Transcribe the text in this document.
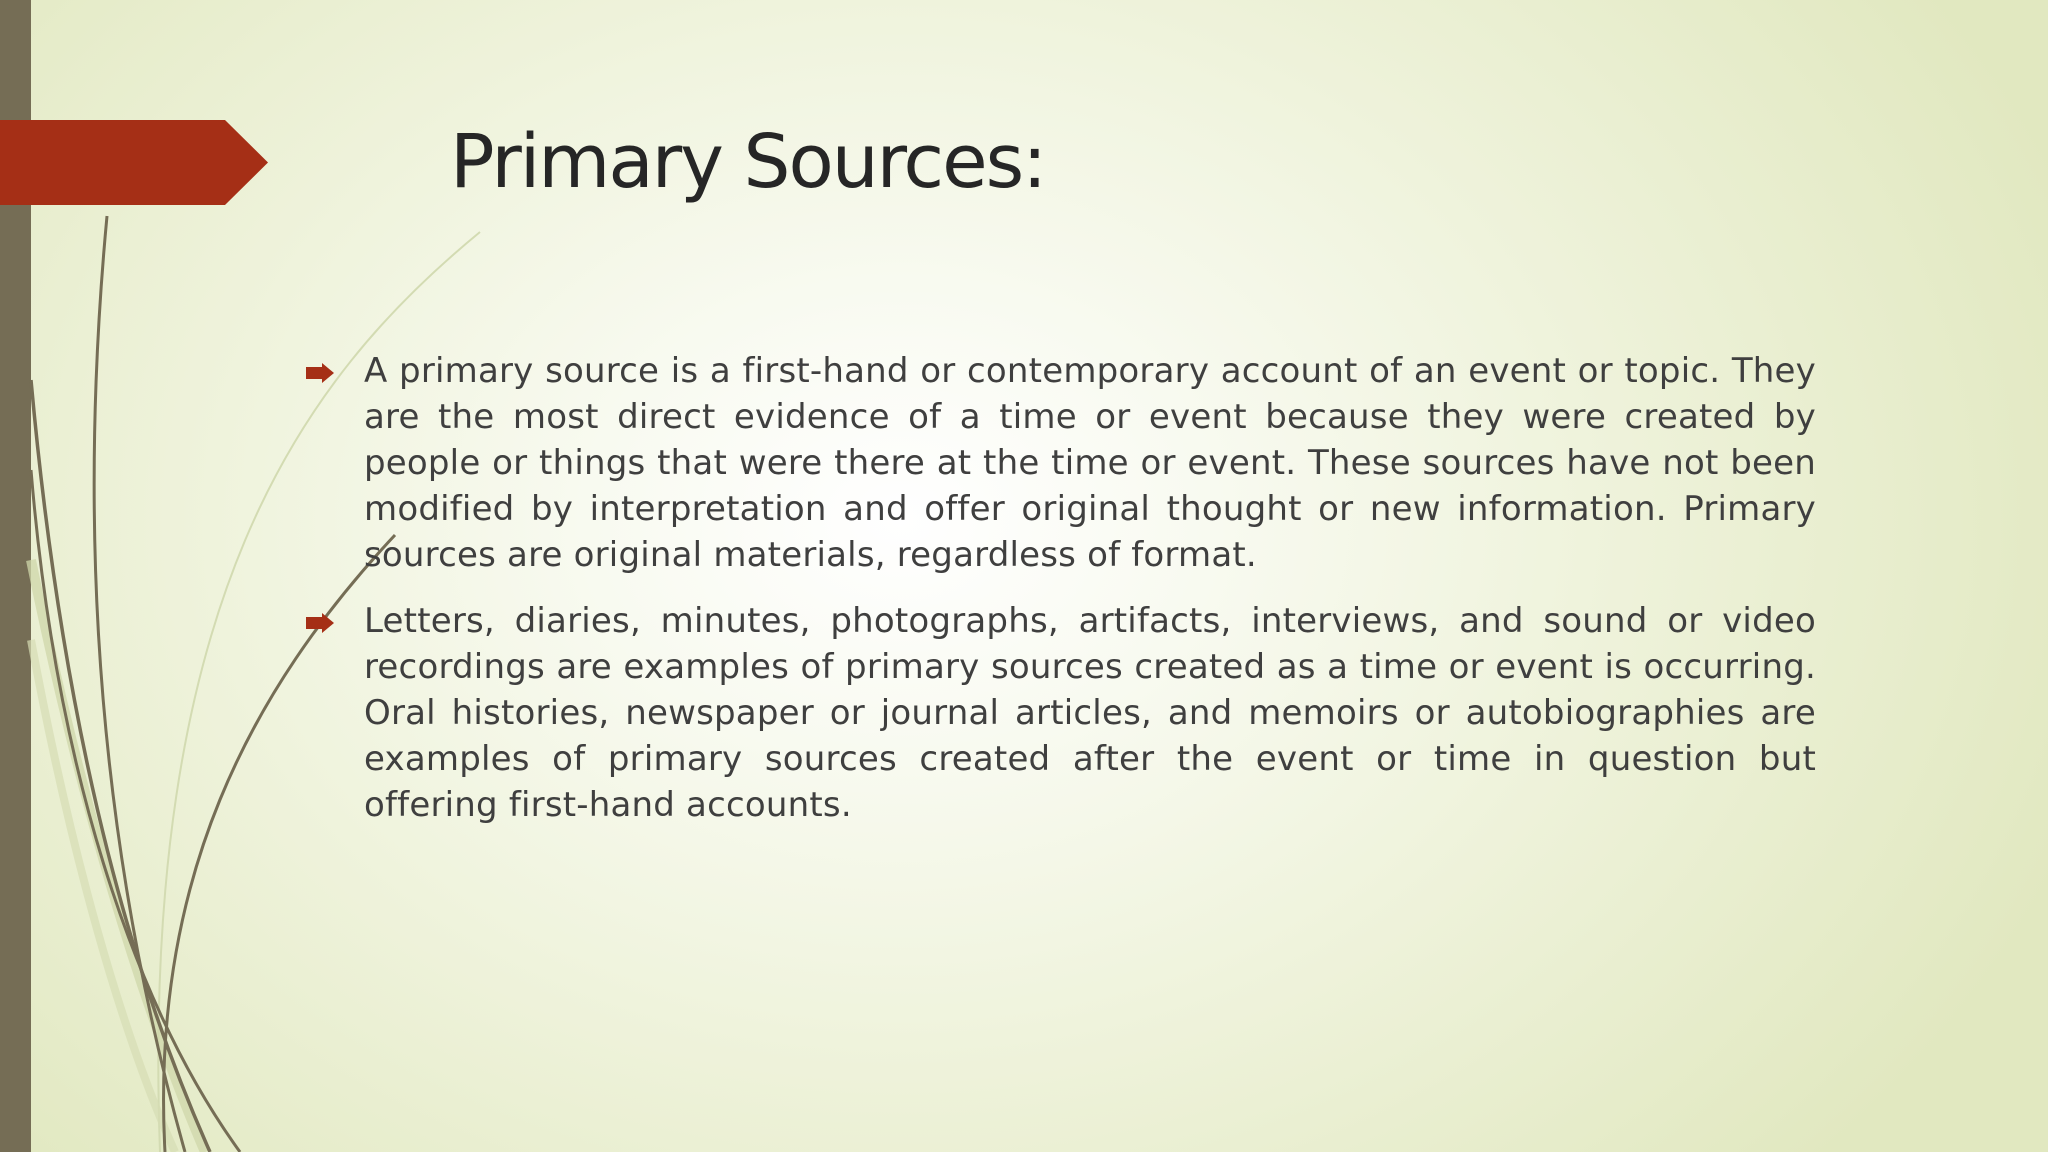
Primary Sources:
A primary source is a first-hand or contemporary account of an event or topic. They are the most direct evidence of a time or event because they were created by people or things that were there at the time or event. These sources have not been modified by interpretation and offer original thought or new information. Primary sources are original materials, regardless of format.
Letters, diaries, minutes, photographs, artifacts, interviews, and sound or video recordings are examples of primary sources created as a time or event is occurring. Oral histories, newspaper or journal articles, and memoirs or autobiographies are examples of primary sources created after the event or time in question but offering first-hand accounts.
